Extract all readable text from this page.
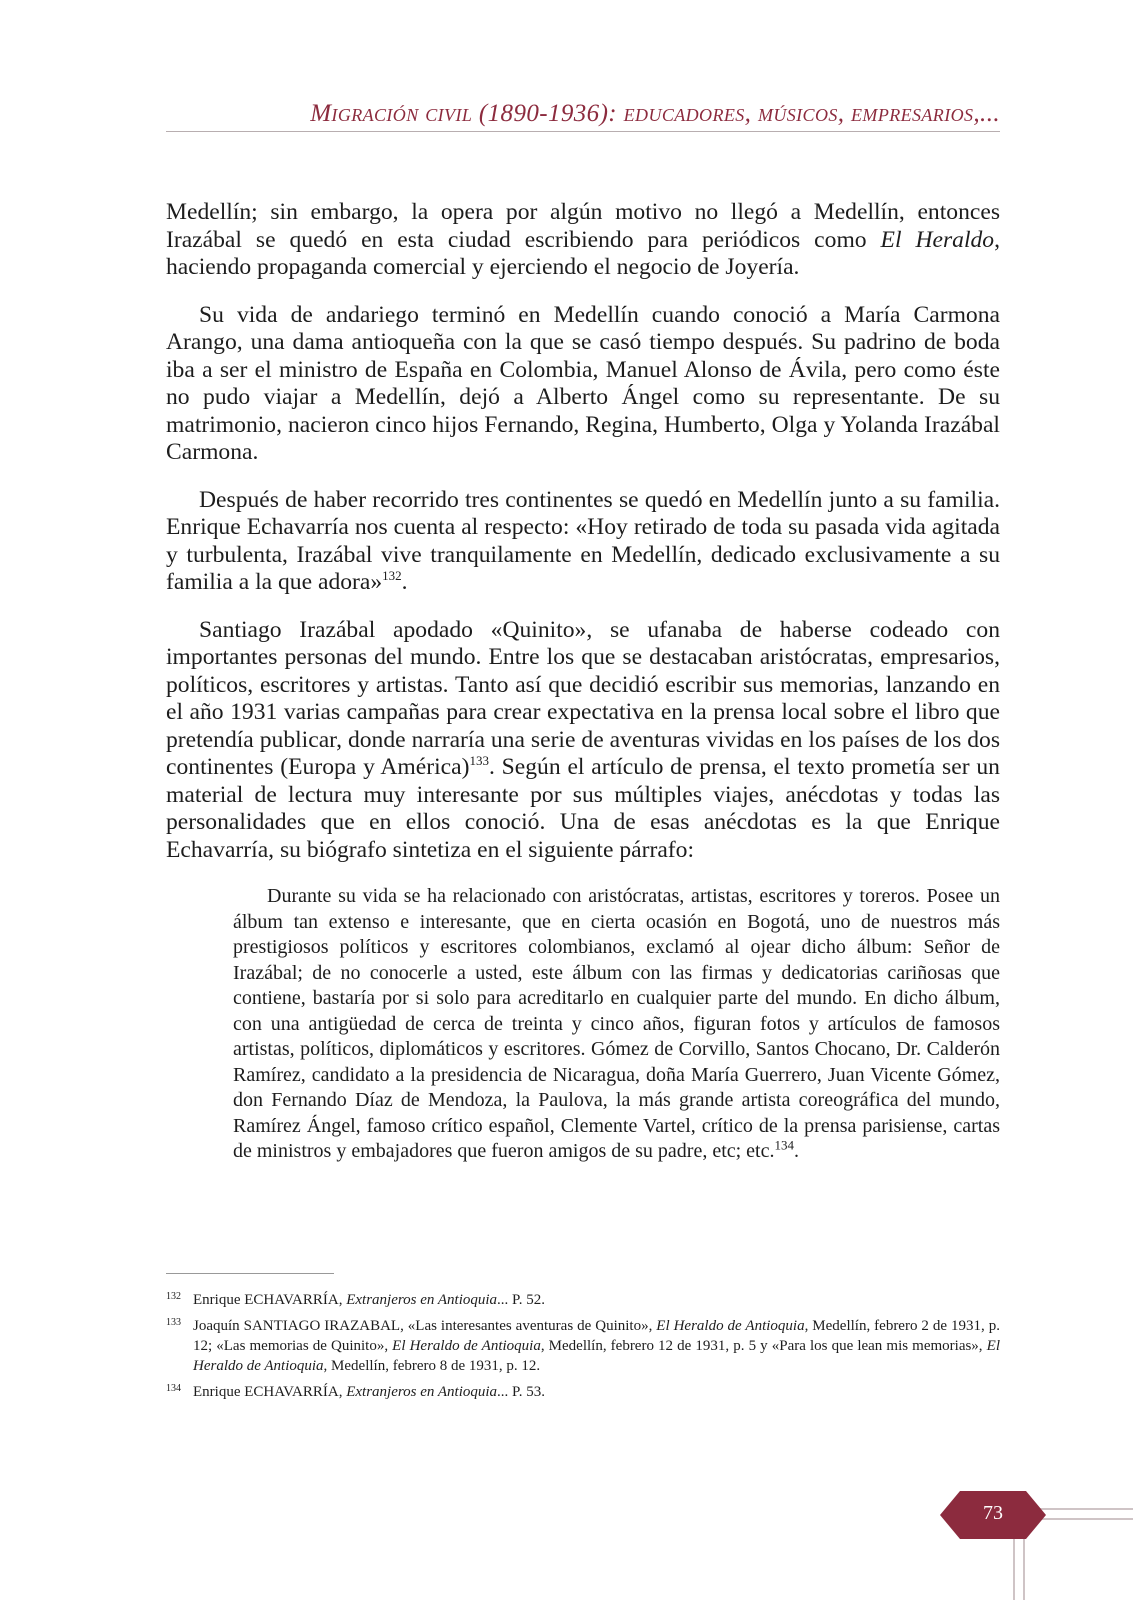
Migración civil (1890-1936): educadores, músicos, empresarios,...

Medellín; sin embargo, la opera por algún motivo no llegó a Medellín, entonces Irazábal se quedó en esta ciudad escribiendo para periódicos como El Heraldo, haciendo propaganda comercial y ejerciendo el negocio de Joyería.

Su vida de andariego terminó en Medellín cuando conoció a María Carmona Arango, una dama antioqueña con la que se casó tiempo después. Su padrino de boda iba a ser el ministro de España en Colombia, Manuel Alonso de Ávila, pero como éste no pudo viajar a Medellín, dejó a Alberto Ángel como su representante. De su matrimonio, nacieron cinco hijos Fernando, Regina, Humberto, Olga y Yolanda Irazábal Carmona.

Después de haber recorrido tres continentes se quedó en Medellín junto a su familia. Enrique Echavarría nos cuenta al respecto: «Hoy retirado de toda su pasada vida agitada y turbulenta, Irazábal vive tranquilamente en Medellín, dedicado exclusivamente a su familia a la que adora»$^{132}$.

Santiago Irazábal apodado «Quinito», se ufanaba de haberse codeado con importantes personas del mundo. Entre los que se destacaban aristócratas, empresarios, políticos, escritores y artistas. Tanto así que decidió escribir sus memorias, lanzando en el año 1931 varias campañas para crear expectativa en la prensa local sobre el libro que pretendía publicar, donde narraría una serie de aventuras vividas en los países de los dos continentes (Europa y América)$^{133}$. Según el artículo de prensa, el texto prometía ser un material de lectura muy interesante por sus múltiples viajes, anécdotas y todas las personalidades que en ellos conoció. Una de esas anécdotas es la que Enrique Echavarría, su biógrafo sintetiza en el siguiente párrafo:

Durante su vida se ha relacionado con aristócratas, artistas, escritores y toreros. Posee un álbum tan extenso e interesante, que en cierta ocasión en Bogotá, uno de nuestros más prestigiosos políticos y escritores colombianos, exclamó al ojear dicho álbum: Señor de Irazábal; de no conocerle a usted, este álbum con las firmas y dedicatorias cariñosas que contiene, bastaría por si solo para acreditarlo en cualquier parte del mundo. En dicho álbum, con una antigüedad de cerca de treinta y cinco años, figuran fotos y artículos de famosos artistas, políticos, diplomáticos y escritores. Gómez de Corvillo, Santos Chocano, Dr. Calderón Ramírez, candidato a la presidencia de Nicaragua, doña María Guerrero, Juan Vicente Gómez, don Fernando Díaz de Mendoza, la Paulova, la más grande artista coreográfica del mundo, Ramírez Ángel, famoso crítico español, Clemente Vartel, crítico de la prensa parisiense, cartas de ministros y embajadores que fueron amigos de su padre, etc; etc.$^{134}$.
132 Enrique ECHAVARRÍA, Extranjeros en Antioquia... P. 52.
133 Joaquín SANTIAGO IRAZABAL, «Las interesantes aventuras de Quinito», El Heraldo de Antioquia, Medellín, febrero 2 de 1931, p. 12; «Las memorias de Quinito», El Heraldo de Antioquia, Medellín, febrero 12 de 1931, p. 5 y «Para los que lean mis memorias», El Heraldo de Antioquia, Medellín, febrero 8 de 1931, p. 12.
134 Enrique ECHAVARRÍA, Extranjeros en Antioquia... P. 53.
73
